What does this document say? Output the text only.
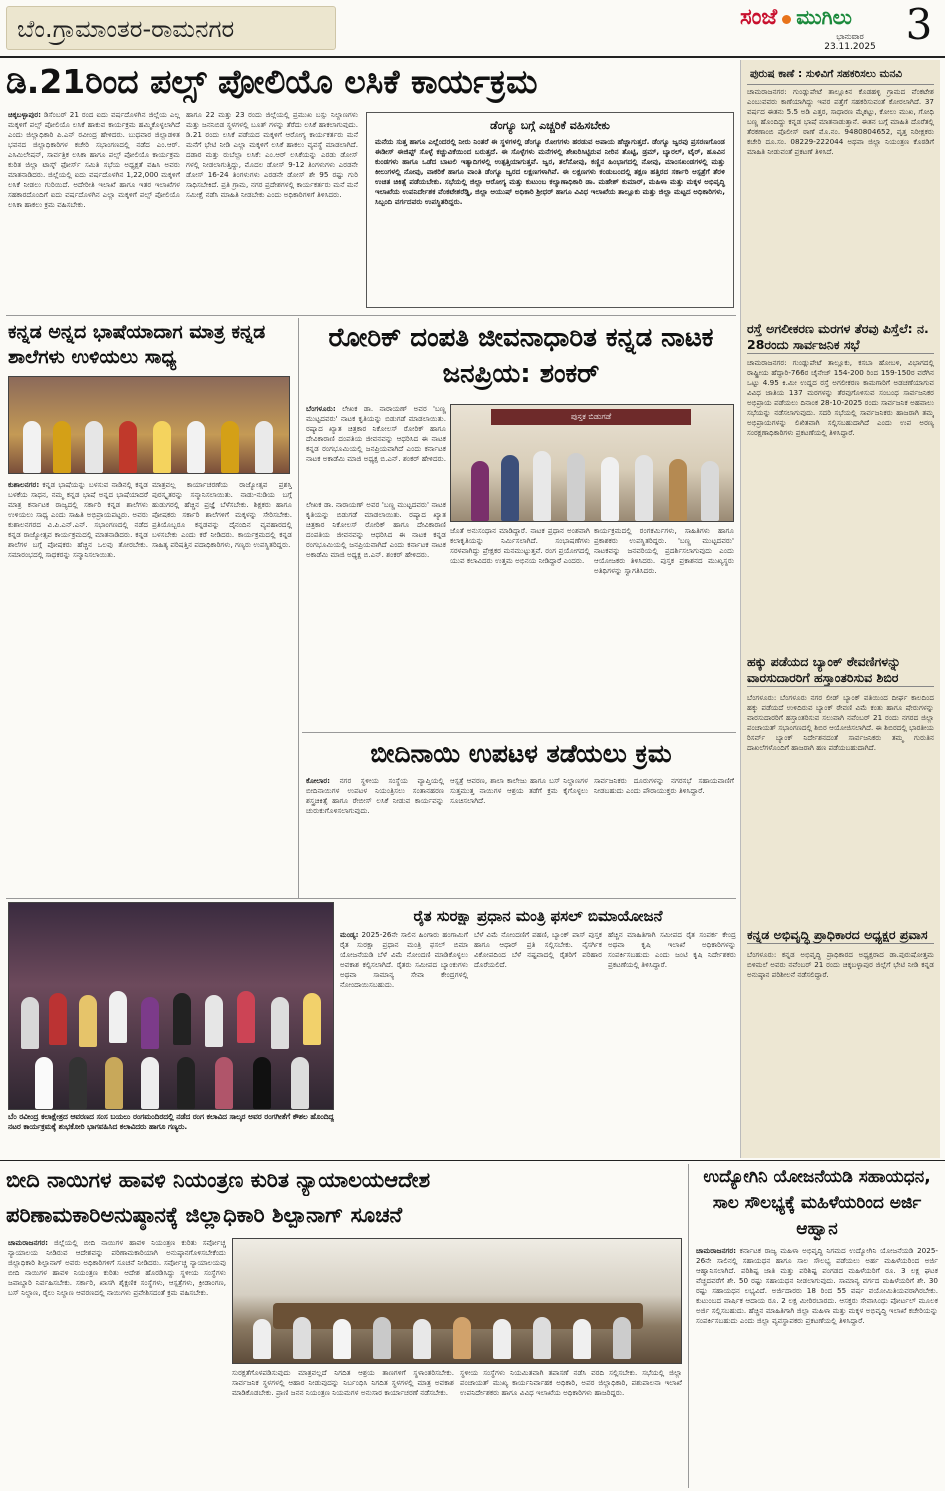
ಬೆಂ.ಗ್ರಾಮಾಂತರ-ರಾಮನಗರ	ಸಂಜೆ ಮುಗಿಲು
ಭಾನುವಾರ
23.11.2025 3
ಡಿ.21ರಿಂದ ಪಲ್ಸ್ ಪೋಲಿಯೊ ಲಸಿಕೆ ಕಾರ್ಯಕ್ರಮ
ಚಿಕ್ಕಬಳ್ಳಾಪುರ: ಡಿಸೆಂಬರ್ 21 ರಂದ ಐದು ವರ್ಷದೊಳಗಿನ ಜಿಲ್ಲೆಯ ಎಲ್ಲ ಮಕ್ಕಳಿಗೆ ಪಲ್ಸ್ ಪೋಲಿಯೊ ಲಸಿಕೆ ಹಾಕುವ ಕಾರ್ಯಕ್ರಮ ಹಮ್ಮಿಕೊಳ್ಳಲಾಗಿದೆ ಎಂದು ಜಿಲ್ಲಾಧಿಕಾರಿ ಪಿ.ಎನ್ ರವೀಂದ್ರ ಹೇಳಿದರು. ಬುಧವಾರ ಜಿಲ್ಲಾಡಳಿತ ಭವನದ ಜಿಲ್ಲಾಧಿಕಾರಿಗಳ ಕಚೇರಿ ಸಭಾಂಗಣದಲ್ಲಿ ನಡೆದ ಎಂ.ಆರ್. ಎಸಿಮಿಲೇಷನ್, ಸಾರ್ವತ್ರಿಕ ಲಸಿಕಾ ಹಾಗೂ ಪಲ್ಸ್ ಪೋಲಿಯೊ ಕಾರ್ಯಕ್ರಮ ಕುರಿತ ಜಿಲ್ಲಾ ಟಾಸ್ಕ್ ಫೋರ್ಸ್ ಸಮಿತಿ ಸಭೆಯ ಅಧ್ಯಕ್ಷತೆ ವಹಿಸಿ ಅವರು ಮಾತನಾಡಿದರು. ಜಿಲ್ಲೆಯಲ್ಲಿ ಐದು ವರ್ಷದೊಳಗಿನ 1,22,000 ಮಕ್ಕಳಿಗೆ ಲಸಿಕೆ ನೀಡಲು ಗುರಿಯಿದೆ. ಅದೇರೀತಿ ಇಲಾಖೆ ಹಾಗೂ ಇತರ ಇಲಾಖೆಗಳ ಸಹಕಾರದೊಂದಿಗೆ ಐದು ವರ್ಷದೊಳಗಿನ ಎಲ್ಲಾ ಮಕ್ಕಳಿಗೆ ಪಲ್ಸ್ ಪೋಲಿಯೊ ಲಸಿಕಾ ಹಾಕಲು ಕ್ರಮ ವಹಿಸಬೇಕು.
ಹಾಗೂ 22 ಮತ್ತು 23 ರಂದು ಜಿಲ್ಲೆಯಲ್ಲಿ ಪ್ರಮುಖ ಬಸ್ಸು ನಿಲ್ದಾಣಗಳು ಮತ್ತು ಜನನಿಬಿಡ ಸ್ಥಳಗಳಲ್ಲಿ ಬೂತ್ ಗಳನ್ನು ತೆರೆದು ಲಸಿಕೆ ಹಾಕಲಾಗುವುದು. ಡಿ.21 ರಂದು ಲಸಿಕೆ ಪಡೆಯದ ಮಕ್ಕಳಿಗೆ ಆರೋಗ್ಯ ಕಾರ್ಯಕರ್ತರು ಮನೆ ಮನೆಗೆ ಭೇಟಿ ನೀಡಿ ಎಲ್ಲಾ ಮಕ್ಕಳಿಗೆ ಲಸಿಕೆ ಹಾಕಲು ವ್ಯವಸ್ಥೆ ಮಾಡಲಾಗಿದೆ. ದಡಾರ ಮತ್ತು ರುಬೆಲ್ಲಾ ಲಸಿಕೆ: ಎಂ.ಆರ್ ಲಸಿಕೆಯನ್ನು ಎರಡು ಡೋಸ್ ಗಳಲ್ಲಿ ನೀಡಲಾಗುತ್ತಿದ್ದು, ಮೊದಲ ಡೋಸ್ 9-12 ತಿಂಗಳುಗಳು ಎರಡನೇ ಡೋಸ್ 16-24 ತಿಂಗಳುಗಳು ಎರಡನೇ ಡೋಸ್ ಶೇ 95 ರಷ್ಟು ಗುರಿ ಸಾಧಿಸಬೇಕಿದೆ. ಪ್ರತಿ ಗ್ರಾಮ, ನಗರ ಪ್ರದೇಶಗಳಲ್ಲಿ ಕಾರ್ಯಕರ್ತರು ಮನೆ ಮನೆ ಸಮೀಕ್ಷೆ ನಡೆಸಿ ಮಾಹಿತಿ ನೀಡಬೇಕು ಎಂದು ಅಧಿಕಾರಿಗಳಿಗೆ ತಿಳಿಸಿದರು.
ಡೆಂಗ್ಯೂ ಬಗ್ಗೆ ಎಚ್ಚರಿಕೆ ವಹಿಸಬೇಕು
ಮನೆಯ ಸುತ್ತ ಹಾಗೂ ಎಲ್ಲೆಂದರಲ್ಲಿ ನೀರು ನಿಂತರೆ ಈ ಸ್ಥಳಗಳಲ್ಲಿ ಡೆಂಗ್ಯೂ ರೋಗಗಳು ಹರಡುವ ಅಪಾಯ ಹೆಚ್ಚಾಗುತ್ತದೆ. ಡೆಂಗ್ಯೂ ಜ್ವರವು ಪ್ರಸರಣಗೊಂಡ ಈಡೀಸ್ ಈಜಿಪ್ಟ್ ಸೊಳ್ಳೆ ಕಚ್ಚುವಿಕೆಯಿಂದ ಬರುತ್ತದೆ. ಈ ಸೊಳ್ಳೆಗಳು ಮನೆಗಳಲ್ಲಿ ಶೇಖರಿಸಿಟ್ಟಿರುವ ನೀರಿನ ತೊಟ್ಟಿ, ಡ್ರಮ್, ಬ್ಯಾರಲ್, ಟೈರ್, ಹೂವಿನ ಕುಂಡಗಳು ಹಾಗೂ ಒಡೆದ ಬಾಟಲಿ ಇತ್ಯಾದಿಗಳಲ್ಲಿ ಉತ್ಪತ್ತಿಯಾಗುತ್ತವೆ. ಜ್ವರ, ತಲೆನೋವು, ಕಣ್ಣಿನ ಹಿಂಭಾಗದಲ್ಲಿ ನೋವು, ಮಾಂಸಖಂಡಗಳಲ್ಲಿ ಮತ್ತು ಕೀಲುಗಳಲ್ಲಿ ನೋವು, ವಾಕರಿಕೆ ಹಾಗೂ ವಾಂತಿ ಡೆಂಗ್ಯೂ ಜ್ವರದ ಲಕ್ಷಣಗಳಾಗಿವೆ. ಈ ಲಕ್ಷಣಗಳು ಕಂಡುಬಂದಲ್ಲಿ ತಕ್ಷಣ ಹತ್ತಿರದ ಸರ್ಕಾರಿ ಆಸ್ಪತ್ರೆಗೆ ತೆರಳಿ ಉಚಿತ ಚಿಕಿತ್ಸೆ ಪಡೆಯಬೇಕು. ಸಭೆಯಲ್ಲಿ ಜಿಲ್ಲಾ ಆರೋಗ್ಯ ಮತ್ತು ಕುಟುಂಬ ಕಲ್ಯಾಣಾಧಿಕಾರಿ ಡಾ. ಮಹೇಶ್ ಕುಮಾರ್, ಮಹಿಳಾ ಮತ್ತು ಮಕ್ಕಳ ಅಭಿವೃದ್ಧಿ ಇಲಾಖೆಯ ಉಪನಿರ್ದೇಶಕ ವೆಂಕಟೇಶರೆಡ್ಡಿ, ಜಿಲ್ಲಾ ಆಯುಷ್ ಅಧಿಕಾರಿ ಶ್ರೀಧರ್ ಹಾಗೂ ವಿವಿಧ ಇಲಾಖೆಯ ತಾಲ್ಲೂಕು ಮತ್ತು ಜಿಲ್ಲಾ ಮಟ್ಟದ ಅಧಿಕಾರಿಗಳು, ಸಿಬ್ಬಂದಿ ವರ್ಗದವರು ಉಪಸ್ಥಿತರಿದ್ದರು.
ಪುರುಷ ಕಾಣೆ : ಸುಳಿವಿಗೆ ಸಹಕರಿಸಲು ಮನವಿ
ಚಾಮರಾಜನಗರ: ಗುಂಡ್ಲುಪೇಟೆ ತಾಲ್ಲೂಕಿನ ಕೊಡಹಳ್ಳಿ ಗ್ರಾಮದ ವೆಂಕಟೇಶ ಎಂಬುವವರು ಕಾಣೆಯಾಗಿದ್ದು ಇವರ ಪತ್ತೆಗೆ ಸಹಕರಿಸುವಂತೆ ಕೋರಲಾಗಿದೆ. 37 ವರ್ಷದ ಈತನು 5.5 ಅಡಿ ಎತ್ತರ, ಸಾಧಾರಣ ಮೈಕಟ್ಟು, ಕೋಲು ಮುಖ, ಗೋಧಿ ಬಣ್ಣ ಹೊಂದಿದ್ದು ಕನ್ನಡ ಭಾಷೆ ಮಾತನಾಡುತ್ತಾನೆ. ಈತನ ಬಗ್ಗೆ ಮಾಹಿತಿ ದೊರೆತಲ್ಲಿ ತೆರಕಣಾಂಬಿ ಪೊಲೀಸ್ ಠಾಣೆ ಮೊ.ನಂ. 9480804652, ವೃತ್ತ ನಿರೀಕ್ಷಕರು ಕಚೇರಿ ದೂ.ಸಂ. 08229-222044 ಅಥವಾ ಜಿಲ್ಲಾ ನಿಯಂತ್ರಣ ಕೊಠಡಿಗೆ ಮಾಹಿತಿ ನೀಡುವಂತೆ ಪ್ರಕಟಣೆ ತಿಳಿಸಿದೆ.
ರಸ್ತೆ ಅಗಲೀಕರಣ ಮರಗಳ ತೆರವು ಪಿಸ್ತೆಲೆ: ನ. 28ರಂದು ಸಾರ್ವಜನಿಕ ಸಭೆ
ಚಾಮರಾಜನಗರ: ಗುಂಡ್ಲುಪೇಟೆ ತಾಲ್ಲೂಕು, ಕಸಬಾ ಹೋಬಳಿ, ವಿಭಾಗದಲ್ಲಿ ರಾಷ್ಟ್ರೀಯ ಹೆದ್ದಾರಿ-766ರ ಚೈನೇಜ್ 154-200 ರಿಂದ 159-150ರ ವರೆಗಿನ ಒಟ್ಟು 4.95 ಕಿ.ಮೀ ಉದ್ದದ ರಸ್ತೆ ಅಗಲೀಕರಣ ಕಾಮಗಾರಿಗೆ ಅಡಚಣೆಯಾಗುವ ವಿವಿಧ ಜಾತಿಯ 137 ಮರಗಳನ್ನು ತೆರವುಗೊಳಿಸುವ ಸಂಬಂಧ ಸಾರ್ವಜನಿಕರ ಅಭಿಪ್ರಾಯ ಪಡೆಯಲು ದಿನಾಂಕ 28-10-2025 ರಂದು ಸಾರ್ವಜನಿಕ ಅಹವಾಲು ಸಭೆಯನ್ನು ನಡೆಸಲಾಗುವುದು. ಸದರಿ ಸಭೆಯಲ್ಲಿ ಸಾರ್ವಜನಿಕರು ಹಾಜರಾಗಿ ತಮ್ಮ ಅಭಿಪ್ರಾಯಗಳನ್ನು ಲಿಖಿತವಾಗಿ ಸಲ್ಲಿಸಬಹುದಾಗಿದೆ ಎಂದು ಉಪ ಅರಣ್ಯ ಸಂರಕ್ಷಣಾಧಿಕಾರಿಗಳು ಪ್ರಕಟಣೆಯಲ್ಲಿ ತಿಳಿಸಿದ್ದಾರೆ.
ಹಕ್ಕು ಪಡೆಯದ ಬ್ಯಾಂಕ್ ಠೇವಣಿಗಳನ್ನು ವಾರಸುದಾರರಿಗೆ ಹಸ್ತಾಂತರಿಸುವ ಶಿಬಿರ
ಬೆಂಗಳೂರು: ಬೆಂಗಳೂರು ನಗರ ಲೀಡ್ ಬ್ಯಾಂಕ್ ವತಿಯಿಂದ ದೀರ್ಘ ಕಾಲದಿಂದ ಹಕ್ಕು ಪಡೆಯದೆ ಉಳಿದಿರುವ ಬ್ಯಾಂಕ್ ಠೇವಣಿ ವಿಮೆ ಕಂತು ಹಾಗೂ ಷೇರುಗಳನ್ನು ವಾರಸುದಾರರಿಗೆ ಹಸ್ತಾಂತರಿಸುವ ಸಲುವಾಗಿ ನವೆಂಬರ್ 21 ರಂದು ನಗರದ ಜಿಲ್ಲಾ ಪಂಚಾಯತ್ ಸಭಾಂಗಣದಲ್ಲಿ ಶಿಬಿರ ಆಯೋಜಿಸಲಾಗಿದೆ. ಈ ಶಿಬಿರದಲ್ಲಿ ಭಾರತೀಯ ರಿಸರ್ವ್ ಬ್ಯಾಂಕ್ ನಿರ್ದೇಶನದಂತೆ ಸಾರ್ವಜನಿಕರು ತಮ್ಮ ಗುರುತಿನ ದಾಖಲೆಗಳೊಂದಿಗೆ ಹಾಜರಾಗಿ ಹಣ ಪಡೆಯಬಹುದಾಗಿದೆ.
ಕನ್ನಡ ಅಭಿವೃದ್ಧಿ ಪ್ರಾಧಿಕಾರದ ಅಧ್ಯಕ್ಷರ ಪ್ರವಾಸ
ಬೆಂಗಳೂರು: ಕನ್ನಡ ಅಭಿವೃದ್ಧಿ ಪ್ರಾಧಿಕಾರದ ಅಧ್ಯಕ್ಷರಾದ ಡಾ.ಪುರುಷೋತ್ತಮ ಬಿಳಿಮಲೆ ಅವರು ನವೆಂಬರ್ 21 ರಂದು ಚಿಕ್ಕಬಳ್ಳಾಪುರ ಜಿಲ್ಲೆಗೆ ಭೇಟಿ ನೀಡಿ ಕನ್ನಡ ಅನುಷ್ಠಾನ ಪರಿಶೀಲನೆ ನಡೆಸಲಿದ್ದಾರೆ.
ಕನ್ನಡ ಅನ್ನದ ಭಾಷೆಯಾದಾಗ ಮಾತ್ರ ಕನ್ನಡ ಶಾಲೆಗಳು ಉಳಿಯಲು ಸಾಧ್ಯ
ಕುಶಾಲನಗರ: ಕನ್ನಡ ಭಾಷೆಯನ್ನು ಬಳಸುವ ನಾಡಿನಲ್ಲಿ ಕನ್ನಡ ಬಳಕೆಯ ಸಾಧನ, ನಮ್ಮ ಕನ್ನಡ ಭಾಷೆ ಅನ್ನದ ಭಾಷೆಯಾದರೆ ಮಾತ್ರ ಕರ್ನಾಟಕ ರಾಜ್ಯದಲ್ಲಿ ಸರ್ಕಾರಿ ಕನ್ನಡ ಶಾಲೆಗಳು ಉಳಿಯಲು ಸಾಧ್ಯ ಎಂದು ಸಾಹಿತಿ ಅಭಿಪ್ರಾಯಪಟ್ಟರು. ಅವರು ಕುಶಾಲನಗರದ ವಿ.ಪಿ.ಎನ್.ಎನ್. ಸಭಾಂಗಣದಲ್ಲಿ ನಡೆದ ಕನ್ನಡ ರಾಜ್ಯೋತ್ಸವ ಕಾರ್ಯಕ್ರಮದಲ್ಲಿ ಮಾತನಾಡಿದರು. ಕನ್ನಡ ಶಾಲೆಗಳ ಬಗ್ಗೆ ಪೋಷಕರು ಹೆಚ್ಚಿನ ಒಲವು ತೋರಬೇಕು. ಸಮಾರಂಭದಲ್ಲಿ ಸಾಧಕರನ್ನು ಸನ್ಮಾನಿಸಲಾಯಿತು.
ಮಾತ್ರವಲ್ಲ ಕಾರ್ಯಾಚರಣೆಯ ರಾಜ್ಯೋತ್ಸವ ಪ್ರಶಸ್ತಿ ಪುರಸ್ಕೃತರನ್ನು ಸನ್ಮಾನಿಸಲಾಯಿತು. ನಾಡು-ನುಡಿಯ ಬಗ್ಗೆ ಹುಡುಗರಲ್ಲಿ ಹೆಚ್ಚಿನ ಪ್ರಜ್ಞೆ ಬೆಳೆಸಬೇಕು. ಶಿಕ್ಷಕರು ಹಾಗೂ ಪೋಷಕರು ಸರ್ಕಾರಿ ಶಾಲೆಗಳಿಗೆ ಮಕ್ಕಳನ್ನು ಸೇರಿಸಬೇಕು. ಪ್ರತಿಯೊಬ್ಬರೂ ಕನ್ನಡವನ್ನು ದೈನಂದಿನ ವ್ಯವಹಾರದಲ್ಲಿ ಬಳಸಬೇಕು ಎಂದು ಕರೆ ನೀಡಿದರು. ಕಾರ್ಯಕ್ರಮದಲ್ಲಿ ಕನ್ನಡ ಸಾಹಿತ್ಯ ಪರಿಷತ್ತಿನ ಪದಾಧಿಕಾರಿಗಳು, ಗಣ್ಯರು ಉಪಸ್ಥಿತರಿದ್ದರು.
ರೋರಿಕ್ ದಂಪತಿ ಜೀವನಾಧಾರಿತ ಕನ್ನಡ ನಾಟಕ ಜನಪ್ರಿಯ: ಶಂಕರ್
ಬೆಂಗಳೂರು: ಲೇಖಕ ಡಾ. ನಾರಾಯಣ್ ಅವರ 'ಬಣ್ಣ ಮುಟ್ಟದವರು' ನಾಟಕ ಕೃತಿಯನ್ನು ಬಿಡುಗಡೆ ಮಾಡಲಾಯಿತು. ರಷ್ಯಾದ ಖ್ಯಾತ ಚಿತ್ರಕಾರ ನಿಕೋಲಸ್ ರೋರಿಕ್ ಹಾಗೂ ದೇವಿಕಾರಾಣಿ ದಂಪತಿಯ ಜೀವನವನ್ನು ಆಧರಿಸಿದ ಈ ನಾಟಕ ಕನ್ನಡ ರಂಗಭೂಮಿಯಲ್ಲಿ ಜನಪ್ರಿಯವಾಗಿದೆ ಎಂದು ಕರ್ನಾಟಕ ನಾಟಕ ಅಕಾಡೆಮಿ ಮಾಜಿ ಅಧ್ಯಕ್ಷ ಬಿ.ಎನ್. ಶಂಕರ್ ಹೇಳಿದರು.
ಪುಸ್ತಕ ಬಿಡುಗಡೆ
ಲೇಖಕ ಡಾ. ನಾರಾಯಣ್ ಅವರ 'ಬಣ್ಣ ಮುಟ್ಟದವರು' ನಾಟಕ ಕೃತಿಯನ್ನು ಬಿಡುಗಡೆ ಮಾಡಲಾಯಿತು. ರಷ್ಯಾದ ಖ್ಯಾತ ಚಿತ್ರಕಾರ ನಿಕೋಲಸ್ ರೋರಿಕ್ ಹಾಗೂ ದೇವಿಕಾರಾಣಿ ದಂಪತಿಯ ಜೀವನವನ್ನು ಆಧರಿಸಿದ ಈ ನಾಟಕ ಕನ್ನಡ ರಂಗಭೂಮಿಯಲ್ಲಿ ಜನಪ್ರಿಯವಾಗಿದೆ ಎಂದು ಕರ್ನಾಟಕ ನಾಟಕ ಅಕಾಡೆಮಿ ಮಾಜಿ ಅಧ್ಯಕ್ಷ ಬಿ.ಎನ್. ಶಂಕರ್ ಹೇಳಿದರು.
ಜೊತೆ ಅನುಸಂಧಾನ ಮಾಡಿದ್ದಾರೆ. ನಾಟಕ ಪ್ರಧಾನ ಅಂಶವಾಗಿ ಕಲಾಕೃತಿಯನ್ನು ನಿರ್ಮಿಸಲಾಗಿದೆ. ಸಂಭಾಷಣೆಗಳು ಸರಳವಾಗಿದ್ದು ಪ್ರೇಕ್ಷಕರ ಮನಮುಟ್ಟುತ್ತವೆ. ರಂಗ ಪ್ರಯೋಗದಲ್ಲಿ ಯುವ ಕಲಾವಿದರು ಉತ್ತಮ ಅಭಿನಯ ನೀಡಿದ್ದಾರೆ ಎಂದರು.
ಕಾರ್ಯಕ್ರಮದಲ್ಲಿ ರಂಗಕರ್ಮಿಗಳು, ಸಾಹಿತಿಗಳು ಹಾಗೂ ಪ್ರಕಾಶಕರು ಉಪಸ್ಥಿತರಿದ್ದರು. 'ಬಣ್ಣ ಮುಟ್ಟದವರು' ನಾಟಕವನ್ನು ಜನವರಿಯಲ್ಲಿ ಪ್ರದರ್ಶಿಸಲಾಗುವುದು ಎಂದು ಆಯೋಜಕರು ತಿಳಿಸಿದರು. ಪುಸ್ತಕ ಪ್ರಕಾಶನದ ಮುಖ್ಯಸ್ಥರು ಅತಿಥಿಗಳನ್ನು ಸ್ವಾಗತಿಸಿದರು.
ಬೀದಿನಾಯಿ ಉಪಟಳ ತಡೆಯಲು ಕ್ರಮ
ಕೋಲಾರ: ನಗರ ಸ್ಥಳೀಯ ಸಂಸ್ಥೆಯ ವ್ಯಾಪ್ತಿಯಲ್ಲಿ ಬೀದಿನಾಯಿಗಳ ಉಪಟಳ ನಿಯಂತ್ರಿಸಲು ಸಂತಾನಹರಣ ಶಸ್ತ್ರಚಿಕಿತ್ಸೆ ಹಾಗೂ ರೇಬೀಸ್ ಲಸಿಕೆ ನೀಡುವ ಕಾರ್ಯವನ್ನು ಚುರುಕುಗೊಳಿಸಲಾಗುವುದು.
ಆಸ್ಪತ್ರೆ ಆವರಣ, ಶಾಲಾ ಕಾಲೇಜು ಹಾಗೂ ಬಸ್ ನಿಲ್ದಾಣಗಳ ಸುತ್ತಮುತ್ತ ನಾಯಿಗಳ ಆಶ್ರಯ ತಡೆಗೆ ಕ್ರಮ ಕೈಗೊಳ್ಳಲು ಸೂಚಿಸಲಾಗಿದೆ.
ಸಾರ್ವಜನಿಕರು ದೂರುಗಳನ್ನು ನಗರಸಭೆ ಸಹಾಯವಾಣಿಗೆ ನೀಡಬಹುದು ಎಂದು ಪೌರಾಯುಕ್ತರು ತಿಳಿಸಿದ್ದಾರೆ.
ಬೆಂ ರವೀಂದ್ರ ಕಲಾಕ್ಷೇತ್ರದ ಆವರಣದ ಸಂಸ ಬಯಲು ರಂಗಮಂದಿರದಲ್ಲಿ ನಡೆದ ರಂಗ ಕಲಾವಿದ ಸಾಲ್ಕರ ಅವರ ರಂಗಗೀತೆಗೆ ಕೌಶಲ ಹೊಂದಿದ್ದ ನಟರ ಕಾರ್ಯಕ್ರಮಕ್ಕೆ ಶುಭಕೋರಿ ಭಾಗವಹಿಸಿದ ಕಲಾವಿದರು ಹಾಗೂ ಗಣ್ಯರು.
ರೈತ ಸುರಕ್ಷಾ ಪ್ರಧಾನ ಮಂತ್ರಿ ಫಸಲ್ ಬಿಮಾಯೋಜನೆ
ಮಂಡ್ಯ: 2025-26ನೇ ಸಾಲಿನ ಹಿಂಗಾರು ಹಂಗಾಮಿಗೆ ರೈತ ಸುರಕ್ಷಾ ಪ್ರಧಾನ ಮಂತ್ರಿ ಫಸಲ್ ಬಿಮಾ ಯೋಜನೆಯಡಿ ಬೆಳೆ ವಿಮೆ ನೋಂದಣಿ ಮಾಡಿಕೊಳ್ಳಲು ಅವಕಾಶ ಕಲ್ಪಿಸಲಾಗಿದೆ. ರೈತರು ಸಮೀಪದ ಬ್ಯಾಂಕುಗಳು ಅಥವಾ ಸಾಮಾನ್ಯ ಸೇವಾ ಕೇಂದ್ರಗಳಲ್ಲಿ ನೋಂದಾಯಿಸಬಹುದು.
ಬೆಳೆ ವಿಮೆ ನೋಂದಣಿಗೆ ಪಹಣಿ, ಬ್ಯಾಂಕ್ ಪಾಸ್ ಪುಸ್ತಕ ಹಾಗೂ ಆಧಾರ್ ಪ್ರತಿ ಸಲ್ಲಿಸಬೇಕು. ನೈಸರ್ಗಿಕ ವಿಕೋಪದಿಂದ ಬೆಳೆ ನಷ್ಟವಾದಲ್ಲಿ ರೈತರಿಗೆ ಪರಿಹಾರ ದೊರೆಯಲಿದೆ.
ಹೆಚ್ಚಿನ ಮಾಹಿತಿಗಾಗಿ ಸಮೀಪದ ರೈತ ಸಂಪರ್ಕ ಕೇಂದ್ರ ಅಥವಾ ಕೃಷಿ ಇಲಾಖೆ ಅಧಿಕಾರಿಗಳನ್ನು ಸಂಪರ್ಕಿಸಬಹುದು ಎಂದು ಜಂಟಿ ಕೃಷಿ ನಿರ್ದೇಶಕರು ಪ್ರಕಟಣೆಯಲ್ಲಿ ತಿಳಿಸಿದ್ದಾರೆ.
ಬೀದಿ ನಾಯಿಗಳ ಹಾವಳಿ ನಿಯಂತ್ರಣ ಕುರಿತ ನ್ಯಾಯಾಲಯಆದೇಶ
ಪರಿಣಾಮಕಾರಿಅನುಷ್ಠಾನಕ್ಕೆ ಜಿಲ್ಲಾಧಿಕಾರಿ ಶಿಲ್ಪಾನಾಗ್ ಸೂಚನೆ
ಚಾಮರಾಜನಗರ: ಜಿಲ್ಲೆಯಲ್ಲಿ ಬೀದಿ ನಾಯಿಗಳ ಹಾವಳಿ ನಿಯಂತ್ರಣ ಕುರಿತು ಸರ್ವೋಚ್ಚ ನ್ಯಾಯಾಲಯ ನೀಡಿರುವ ಆದೇಶವನ್ನು ಪರಿಣಾಮಕಾರಿಯಾಗಿ ಅನುಷ್ಠಾನಗೊಳಿಸಬೇಕೆಂದು ಜಿಲ್ಲಾಧಿಕಾರಿ ಶಿಲ್ಪಾನಾಗ್ ಅವರು ಅಧಿಕಾರಿಗಳಿಗೆ ಸೂಚನೆ ನೀಡಿದರು. ಸರ್ವೋಚ್ಚ ನ್ಯಾಯಾಲಯವು ಬೀದಿ ನಾಯಿಗಳ ಹಾವಳಿ ನಿಯಂತ್ರಣ ಕುರಿತು ಆದೇಶ ಹೊರಡಿಸಿದ್ದು ಸ್ಥಳೀಯ ಸಂಸ್ಥೆಗಳು ಜವಾಬ್ದಾರಿ ನಿರ್ವಹಿಸಬೇಕು. ಸರ್ಕಾರಿ, ಖಾಸಗಿ ಶೈಕ್ಷಣಿಕ ಸಂಸ್ಥೆಗಳು, ಆಸ್ಪತ್ರೆಗಳು, ಕ್ರೀಡಾಂಗಣ, ಬಸ್ ನಿಲ್ದಾಣ, ರೈಲು ನಿಲ್ದಾಣ ಆವರಣದಲ್ಲಿ ನಾಯಿಗಳು ಪ್ರವೇಶಿಸದಂತೆ ಕ್ರಮ ವಹಿಸಬೇಕು.
ಸುರಕ್ಷತೆಗೊಳಪಡಿಸುವುದು ಮಾತ್ರವಲ್ಲದೆ ನಿಗದಿತ ಆಶ್ರಯ ತಾಣಗಳಿಗೆ ಸ್ಥಳಾಂತರಿಸಬೇಕು. ಸಾರ್ವಜನಿಕ ಸ್ಥಳಗಳಲ್ಲಿ ಆಹಾರ ನೀಡುವುದನ್ನು ನಿರ್ಬಂಧಿಸಿ ನಿಗದಿತ ಸ್ಥಳಗಳಲ್ಲಿ ಮಾತ್ರ ಅವಕಾಶ ಮಾಡಿಕೊಡಬೇಕು. ಪ್ರಾಣಿ ಜನನ ನಿಯಂತ್ರಣ ನಿಯಮಗಳ ಅನುಸಾರ ಕಾರ್ಯಾಚರಣೆ ನಡೆಸಬೇಕು.
ಸ್ಥಳೀಯ ಸಂಸ್ಥೆಗಳು ನಿಯಮಿತವಾಗಿ ತಪಾಸಣೆ ನಡೆಸಿ ವರದಿ ಸಲ್ಲಿಸಬೇಕು. ಸಭೆಯಲ್ಲಿ ಜಿಲ್ಲಾ ಪಂಚಾಯತ್ ಮುಖ್ಯ ಕಾರ್ಯನಿರ್ವಾಹಕ ಅಧಿಕಾರಿ, ಅಪರ ಜಿಲ್ಲಾಧಿಕಾರಿ, ಪಶುಪಾಲನಾ ಇಲಾಖೆ ಉಪನಿರ್ದೇಶಕರು ಹಾಗೂ ವಿವಿಧ ಇಲಾಖೆಯ ಅಧಿಕಾರಿಗಳು ಹಾಜರಿದ್ದರು.
ಉದ್ಯೋಗಿನಿ ಯೋಜನೆಯಡಿ ಸಹಾಯಧನ, ಸಾಲ ಸೌಲಭ್ಯಕ್ಕೆ ಮಹಿಳೆಯರಿಂದ ಅರ್ಜಿ ಆಹ್ವಾನ
ಚಾಮರಾಜನಗರ: ಕರ್ನಾಟಕ ರಾಜ್ಯ ಮಹಿಳಾ ಅಭಿವೃದ್ಧಿ ನಿಗಮದ ಉದ್ಯೋಗಿನಿ ಯೋಜನೆಯಡಿ 2025-26ನೇ ಸಾಲಿನಲ್ಲಿ ಸಹಾಯಧನ ಹಾಗೂ ಸಾಲ ಸೌಲಭ್ಯ ಪಡೆಯಲು ಅರ್ಹ ಮಹಿಳೆಯರಿಂದ ಅರ್ಜಿ ಆಹ್ವಾನಿಸಲಾಗಿದೆ. ಪರಿಶಿಷ್ಟ ಜಾತಿ ಮತ್ತು ಪರಿಶಿಷ್ಟ ಪಂಗಡದ ಮಹಿಳೆಯರಿಗೆ ರೂ. 3 ಲಕ್ಷ ಘಟಕ ವೆಚ್ಚದವರೆಗೆ ಶೇ. 50 ರಷ್ಟು ಸಹಾಯಧನ ನೀಡಲಾಗುವುದು. ಸಾಮಾನ್ಯ ವರ್ಗದ ಮಹಿಳೆಯರಿಗೆ ಶೇ. 30 ರಷ್ಟು ಸಹಾಯಧನ ಲಭ್ಯವಿದೆ. ಅರ್ಜಿದಾರರು 18 ರಿಂದ 55 ವರ್ಷ ವಯೋಮಿತಿಯವರಾಗಿರಬೇಕು. ಕುಟುಂಬದ ವಾರ್ಷಿಕ ಆದಾಯ ರೂ. 2 ಲಕ್ಷ ಮೀರಿರಬಾರದು. ಆಸಕ್ತರು ಸೇವಾಸಿಂಧು ಪೋರ್ಟಲ್ ಮೂಲಕ ಅರ್ಜಿ ಸಲ್ಲಿಸಬಹುದು. ಹೆಚ್ಚಿನ ಮಾಹಿತಿಗಾಗಿ ಜಿಲ್ಲಾ ಮಹಿಳಾ ಮತ್ತು ಮಕ್ಕಳ ಅಭಿವೃದ್ಧಿ ಇಲಾಖೆ ಕಚೇರಿಯನ್ನು ಸಂಪರ್ಕಿಸಬಹುದು ಎಂದು ಜಿಲ್ಲಾ ವ್ಯವಸ್ಥಾಪಕರು ಪ್ರಕಟಣೆಯಲ್ಲಿ ತಿಳಿಸಿದ್ದಾರೆ.
